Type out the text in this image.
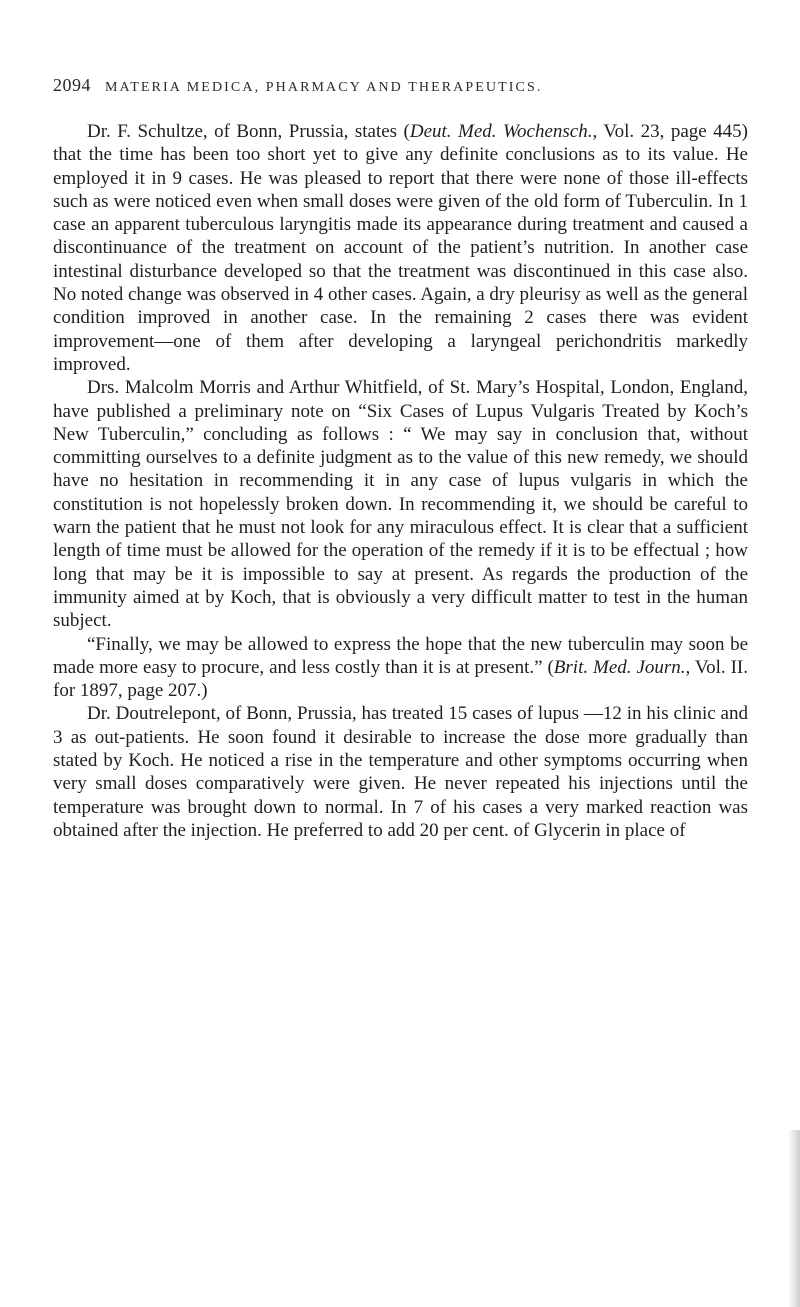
2094 MATERIA MEDICA, PHARMACY AND THERAPEUTICS.

Dr. F. Schultze, of Bonn, Prussia, states (Deut. Med. Wochensch., Vol. 23, page 445) that the time has been too short yet to give any definite conclusions as to its value. He employed it in 9 cases. He was pleased to report that there were none of those ill-effects such as were noticed even when small doses were given of the old form of Tuberculin. In 1 case an apparent tuberculous laryngitis made its appearance during treatment and caused a discontinuance of the treatment on account of the patient’s nutrition. In another case intestinal disturbance developed so that the treatment was discontinued in this case also. No noted change was observed in 4 other cases. Again, a dry pleurisy as well as the general condition improved in another case. In the remaining 2 cases there was evident improvement—one of them after developing a laryngeal perichondritis markedly improved.

Drs. Malcolm Morris and Arthur Whitfield, of St. Mary’s Hospital, London, England, have published a preliminary note on “Six Cases of Lupus Vulgaris Treated by Koch’s New Tuberculin,” concluding as follows : “ We may say in conclusion that, without committing ourselves to a definite judgment as to the value of this new remedy, we should have no hesitation in recommending it in any case of lupus vulgaris in which the constitution is not hopelessly broken down. In recommending it, we should be careful to warn the patient that he must not look for any miraculous effect. It is clear that a sufficient length of time must be allowed for the operation of the remedy if it is to be effectual ; how long that may be it is impossible to say at present. As regards the production of the immunity aimed at by Koch, that is obviously a very difficult matter to test in the human subject.

“Finally, we may be allowed to express the hope that the new tuberculin may soon be made more easy to procure, and less costly than it is at present.” (Brit. Med. Journ., Vol. II. for 1897, page 207.)

Dr. Doutrelepont, of Bonn, Prussia, has treated 15 cases of lupus —12 in his clinic and 3 as out-patients. He soon found it desirable to increase the dose more gradually than stated by Koch. He noticed a rise in the temperature and other symptoms occurring when very small doses comparatively were given. He never repeated his injections until the temperature was brought down to normal. In 7 of his cases a very marked reaction was obtained after the injection. He preferred to add 20 per cent. of Glycerin in place of
